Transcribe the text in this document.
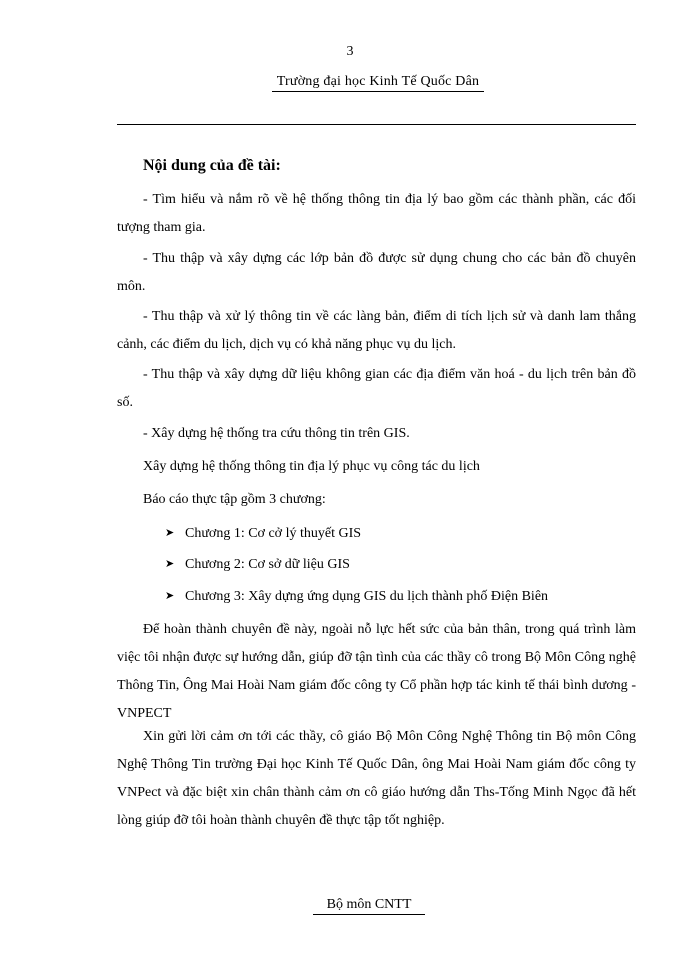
3
Trường đại học Kinh Tế Quốc Dân
Nội dung của đề tài:
- Tìm hiểu và nắm rõ về hệ thống thông tin địa lý bao gồm các thành phần, các đối tượng tham gia.
- Thu thập và xây dựng các lớp bản đồ được sử dụng chung cho các bản đồ chuyên môn.
- Thu thập và xử lý thông tin về các làng bản, điểm di tích lịch sử và danh lam thắng cảnh, các điểm du lịch, dịch vụ có khả năng phục vụ du lịch.
- Thu thập và xây dựng dữ liệu không gian các địa điểm văn hoá - du lịch trên bản đồ số.
- Xây dựng hệ thống tra cứu thông tin trên GIS.
Xây dựng hệ thống thông tin địa lý phục vụ công tác du lịch
Báo cáo thực tập gồm 3 chương:
➤ Chương 1: Cơ cở lý thuyết GIS
➤ Chương 2: Cơ sở dữ liệu GIS
➤ Chương 3: Xây dựng ứng dụng GIS du lịch thành phố Điện Biên
Để hoàn thành chuyên đề này, ngoài nỗ lực hết sức của bản thân, trong quá trình làm việc tôi nhận được sự hướng dẫn, giúp đỡ tận tình của các thầy cô trong Bộ Môn Công nghệ Thông Tin, Ông Mai Hoài Nam giám đốc công ty Cổ phần hợp tác kinh tế thái bình dương - VNPECT
Xin gửi lời cảm ơn tới các thầy, cô giáo Bộ Môn Công Nghệ Thông tin Bộ môn Công Nghệ Thông Tin trường Đại học Kinh Tế Quốc Dân, ông Mai Hoài Nam giám đốc công ty VNPect và đặc biệt xin chân thành cảm ơn cô giáo hướng dẫn Ths-Tống Minh Ngọc đã hết lòng giúp đỡ tôi hoàn thành chuyên đề thực tập tốt nghiệp.
Bộ môn CNTT
